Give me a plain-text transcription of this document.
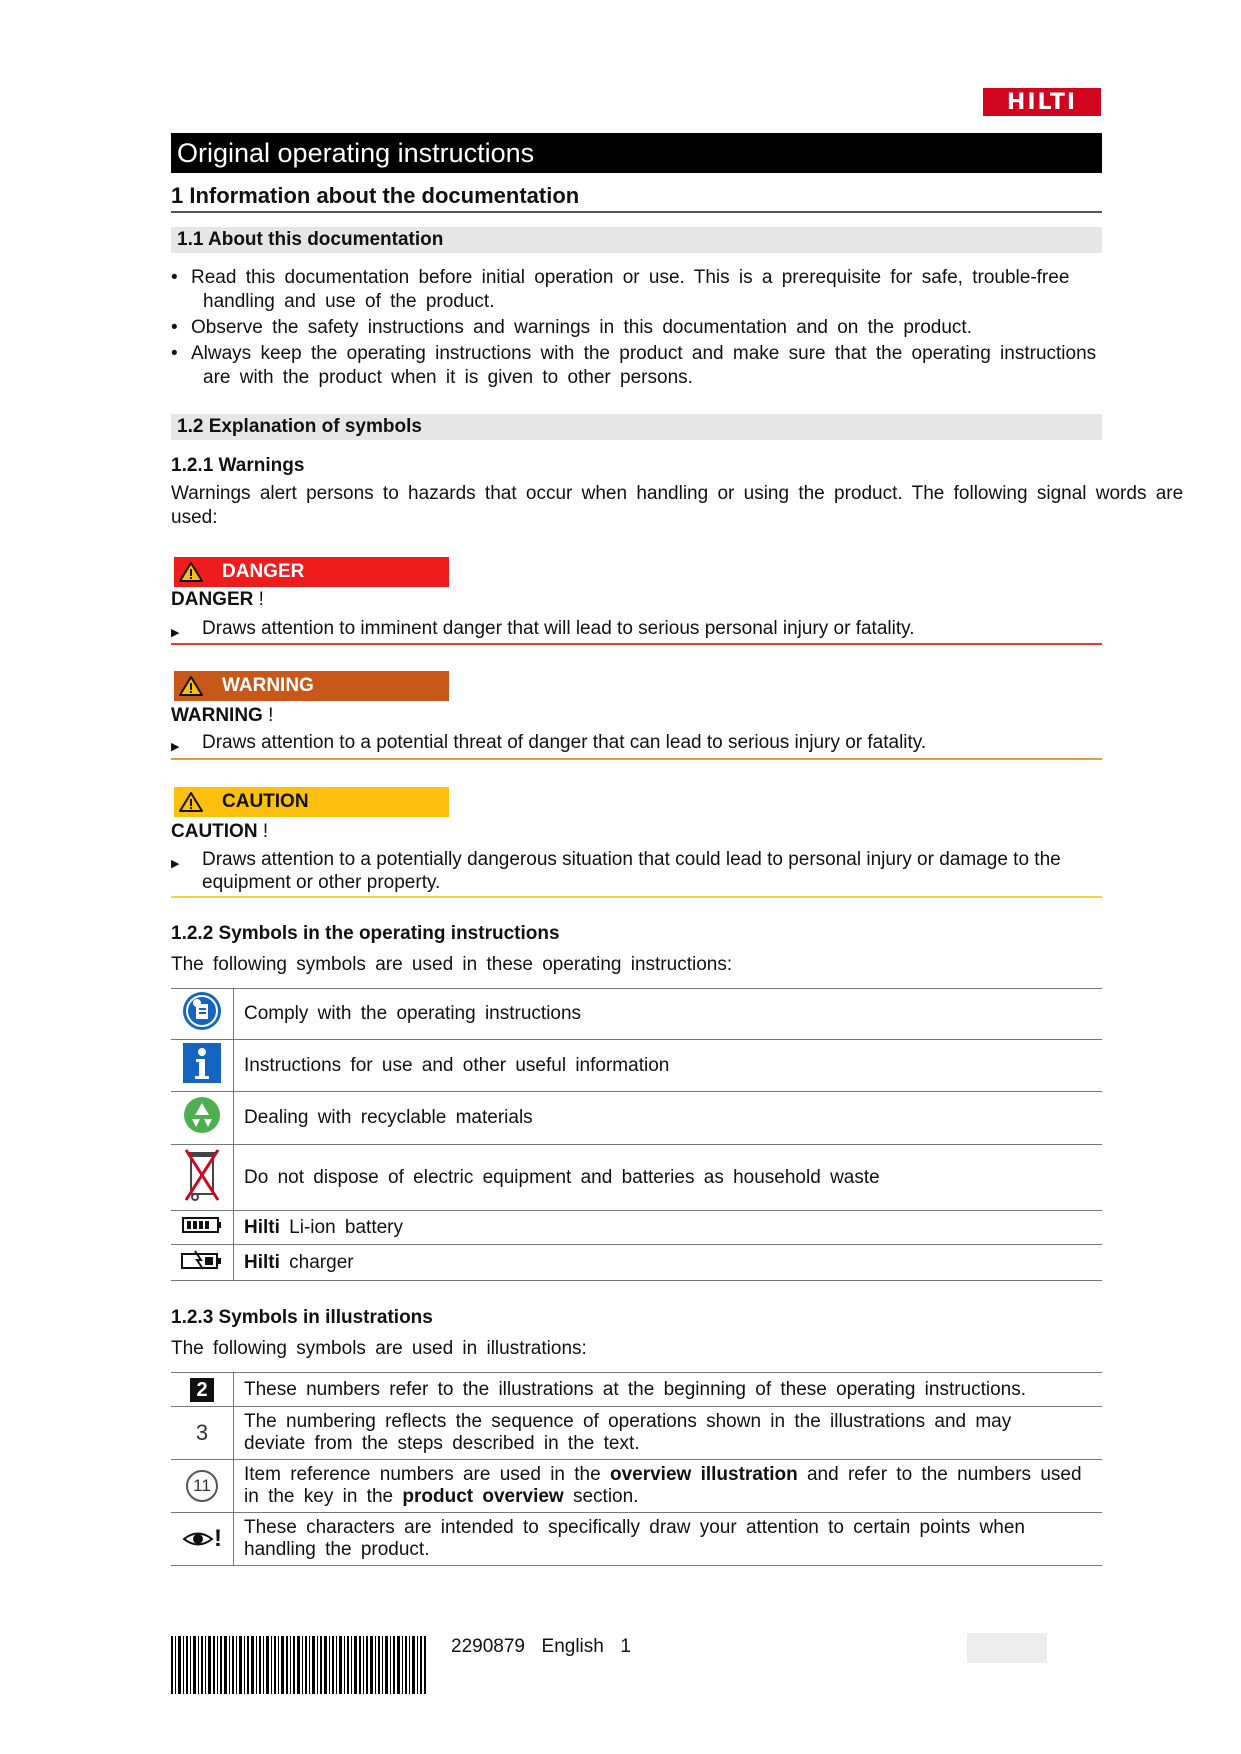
HILTI
Original operating instructions
1 Information about the documentation
1.1 About this documentation
• Read this documentation before initial operation or use. This is a prerequisite for safe, trouble-free
handling and use of the product.
• Observe the safety instructions and warnings in this documentation and on the product.
• Always keep the operating instructions with the product and make sure that the operating instructions
are with the product when it is given to other persons.
1.2 Explanation of symbols
1.2.1 Warnings
Warnings alert persons to hazards that occur when handling or using the product. The following signal words are used:
DANGER
DANGER !
▶ Draws attention to imminent danger that will lead to serious personal injury or fatality.
WARNING
WARNING !
▶ Draws attention to a potential threat of danger that can lead to serious injury or fatality.
CAUTION
CAUTION !
▶ Draws attention to a potentially dangerous situation that could lead to personal injury or damage to the
equipment or other property.
1.2.2 Symbols in the operating instructions
The following symbols are used in these operating instructions:
	Comply with the operating instructions
	Instructions for use and other useful information
	Dealing with recyclable materials
	Do not dispose of electric equipment and batteries as household waste
	Hilti Li-ion battery
	Hilti charger
1.2.3 Symbols in illustrations
The following symbols are used in illustrations:
2	These numbers refer to the illustrations at the beginning of these operating instructions.
3	The numbering reflects the sequence of operations shown in the illustrations and may deviate from the steps described in the text.
11	Item reference numbers are used in the overview illustration and refer to the numbers used in the key in the product overview section.
!	These characters are intended to specifically draw your attention to certain points when handling the product.
2290879 English 1
